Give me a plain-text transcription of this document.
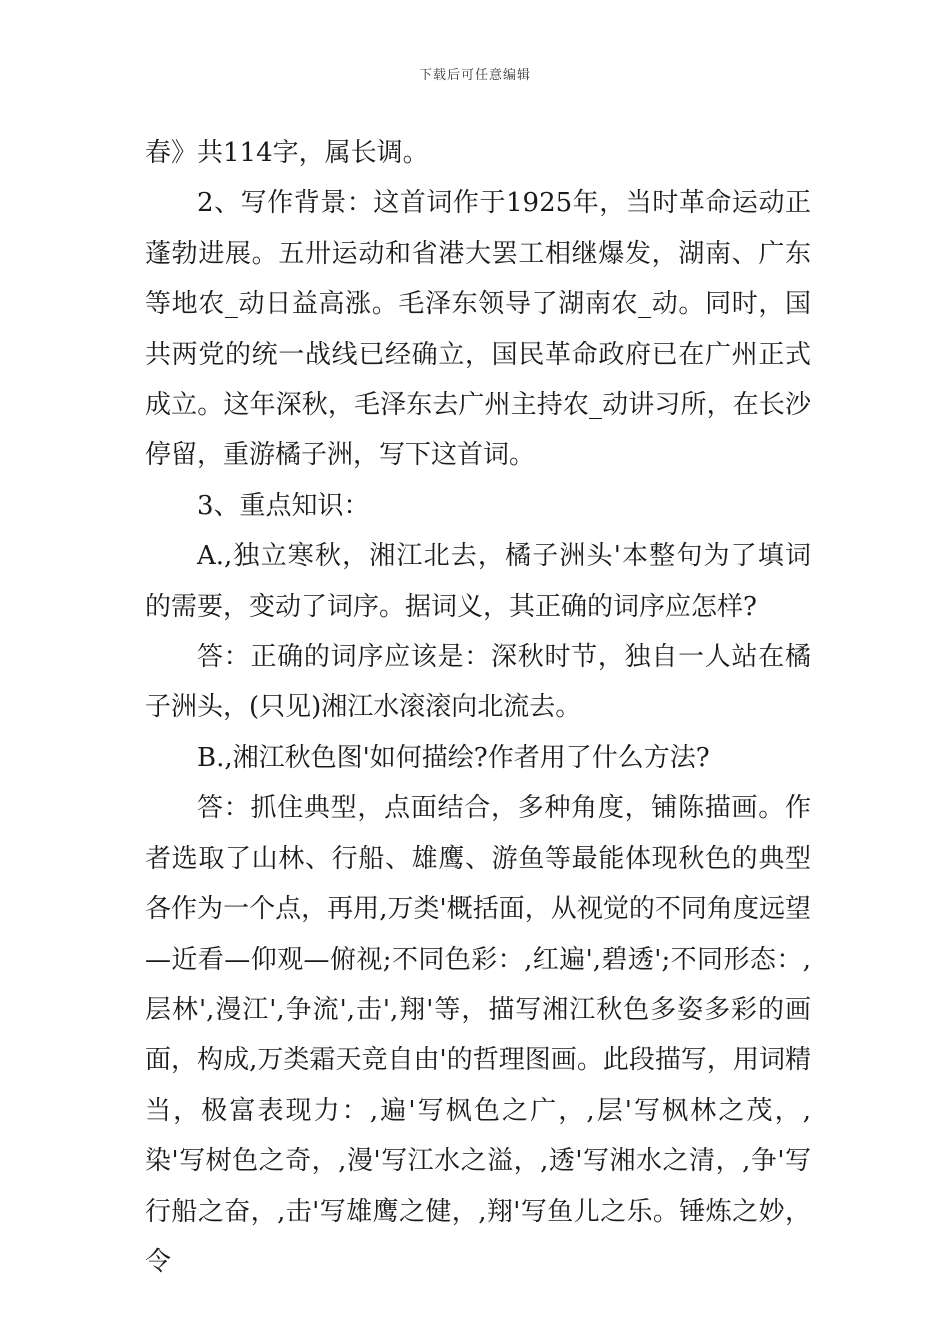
下载后可任意编辑

春》共114字，属长调。

2、写作背景：这首词作于1925年，当时革命运动正蓬勃进展。五卅运动和省港大罢工相继爆发，湖南、广东等地农_动日益高涨。毛泽东领导了湖南农_动。同时，国共两党的统一战线已经确立，国民革命政府已在广州正式成立。这年深秋，毛泽东去广州主持农_动讲习所，在长沙停留，重游橘子洲，写下这首词。

3、重点知识：

A.,独立寒秋，湘江北去，橘子洲头'本整句为了填词的需要，变动了词序。据词义，其正确的词序应怎样?

答：正确的词序应该是：深秋时节，独自一人站在橘子洲头，(只见)湘江水滚滚向北流去。

B.,湘江秋色图'如何描绘?作者用了什么方法?

答：抓住典型，点面结合，多种角度，铺陈描画。作者选取了山林、行船、雄鹰、游鱼等最能体现秋色的典型各作为一个点，再用,万类'概括面，从视觉的不同角度远望—近看—仰观—俯视;不同色彩：,红遍',碧透';不同形态：,层林',漫江',争流',击',翔'等，描写湘江秋色多姿多彩的画面，构成,万类霜天竞自由'的哲理图画。此段描写，用词精当，极富表现力：,遍'写枫色之广，,层'写枫林之茂，,染'写树色之奇，,漫'写江水之溢，,透'写湘水之清，,争'写行船之奋，,击'写雄鹰之健，,翔'写鱼儿之乐。锤炼之妙，令
